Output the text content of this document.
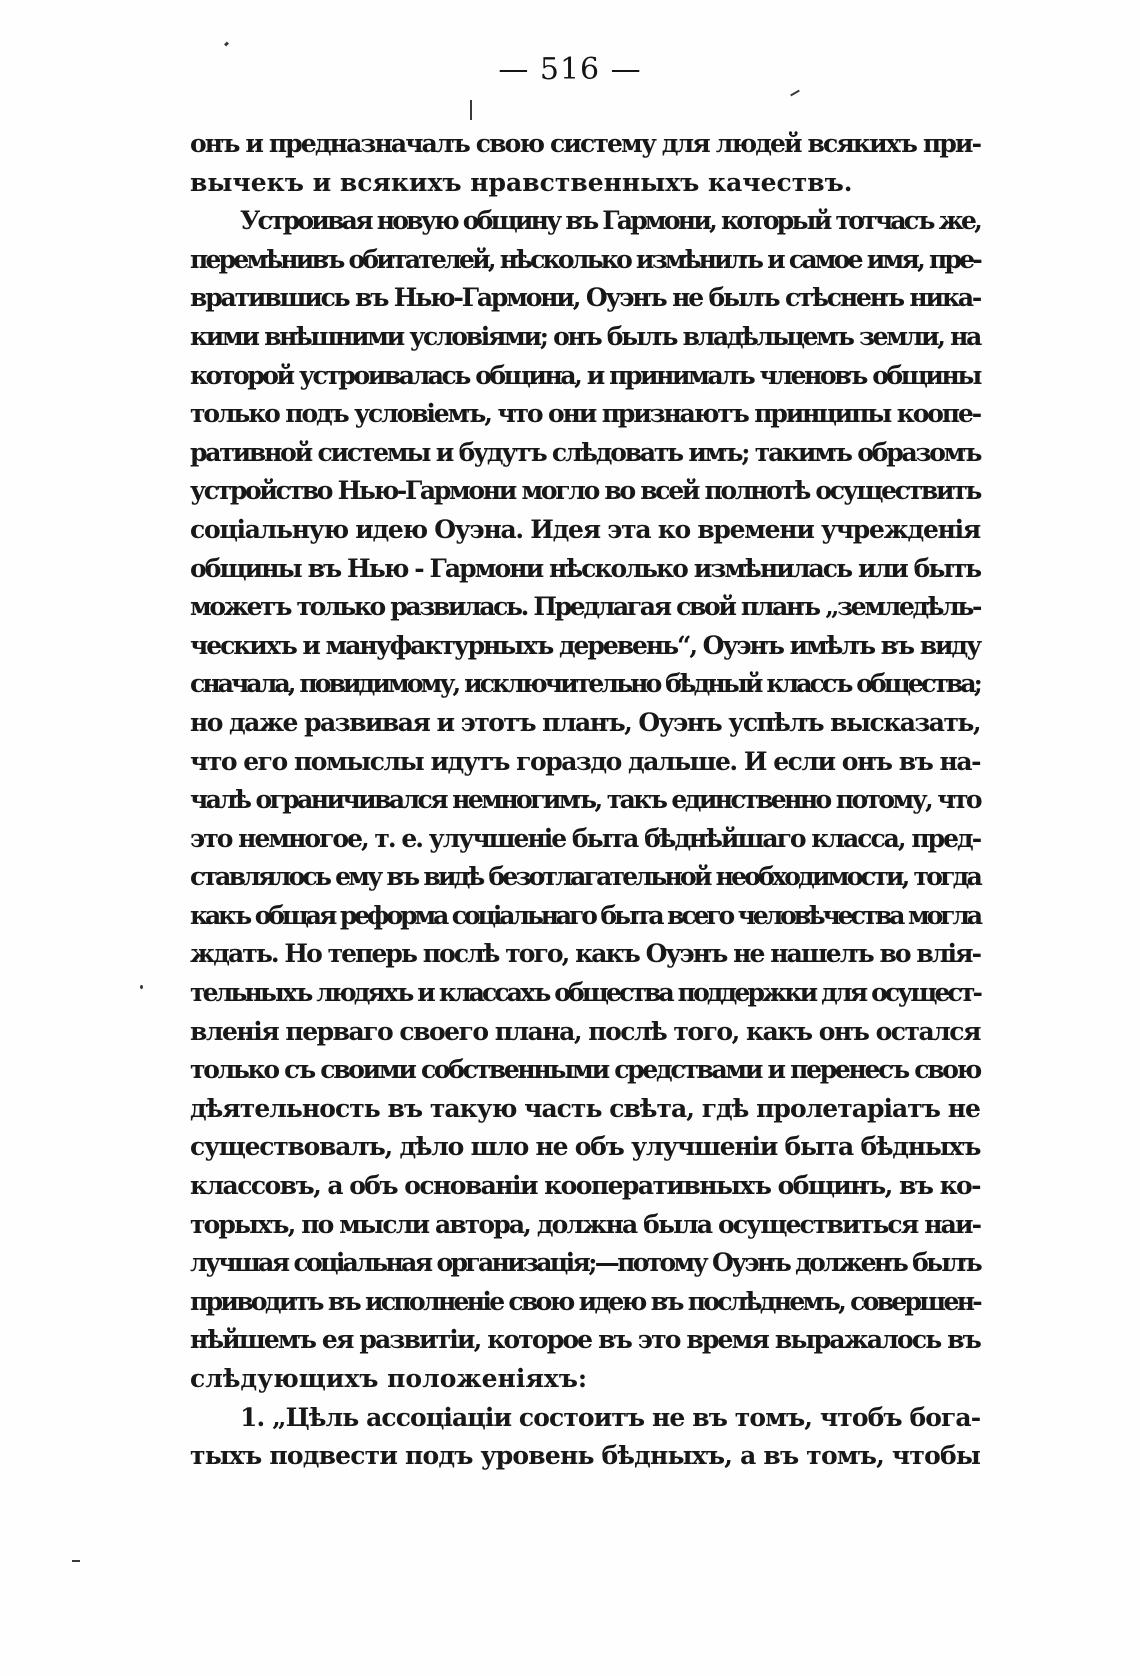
— 516 —
онъ и предназначалъ свою систему для людей всякихъ при-
вычекъ и всякихъ нравственныхъ качествъ.
Устроивая новую общину въ Гармони, который тотчасъ же,
перемѣнивъ обитателей, нѣсколько измѣнилъ и самое имя, пре-
вратившись въ Нью-Гармони, Оуэнъ не былъ стѣсненъ ника-
кими внѣшними условіями; онъ былъ владѣльцемъ земли, на
которой устроивалась община, и принималъ членовъ общины
только подъ условіемъ, что они признаютъ принципы коопе-
ративной системы и будутъ слѣдовать имъ; такимъ образомъ
устройство Нью-Гармони могло во всей полнотѣ осуществить
соціальную идею Оуэна. Идея эта ко времени учрежденія
общины въ Нью - Гармони нѣсколько измѣнилась или быть
можетъ только развилась. Предлагая свой планъ „земледѣль-
ческихъ и мануфактурныхъ деревень“, Оуэнъ имѣлъ въ виду
сначала, повидимому, исключительно бѣдный классъ общества;
но даже развивая и этотъ планъ, Оуэнъ успѣлъ высказать,
что его помыслы идутъ гораздо дальше. И если онъ въ на-
чалѣ ограничивался немногимъ, такъ единственно потому, что
это немногое, т. е. улучшеніе быта бѣднѣйшаго класса, пред-
ставлялось ему въ видѣ безотлагательной необходимости, тогда
какъ общая реформа соціальнаго быта всего человѣчества могла
ждать. Но теперь послѣ того, какъ Оуэнъ не нашелъ во влія-
тельныхъ людяхъ и классахъ общества поддержки для осущест-
вленія перваго своего плана, послѣ того, какъ онъ остался
только съ своими собственными средствами и перенесъ свою
дѣятельность въ такую часть свѣта, гдѣ пролетаріатъ не
существовалъ, дѣло шло не объ улучшеніи быта бѣдныхъ
классовъ, а объ основаніи кооперативныхъ общинъ, въ ко-
торыхъ, по мысли автора, должна была осуществиться наи-
лучшая соціальная организація;—потому Оуэнъ долженъ былъ
приводить въ исполненіе свою идею въ послѣднемъ, совершен-
нѣйшемъ ея развитіи, которое въ это время выражалось въ
слѣдующихъ положеніяхъ:
1. „Цѣль ассоціаціи состоитъ не въ томъ, чтобъ бога-
тыхъ подвести подъ уровень бѣдныхъ, а въ томъ, чтобы
